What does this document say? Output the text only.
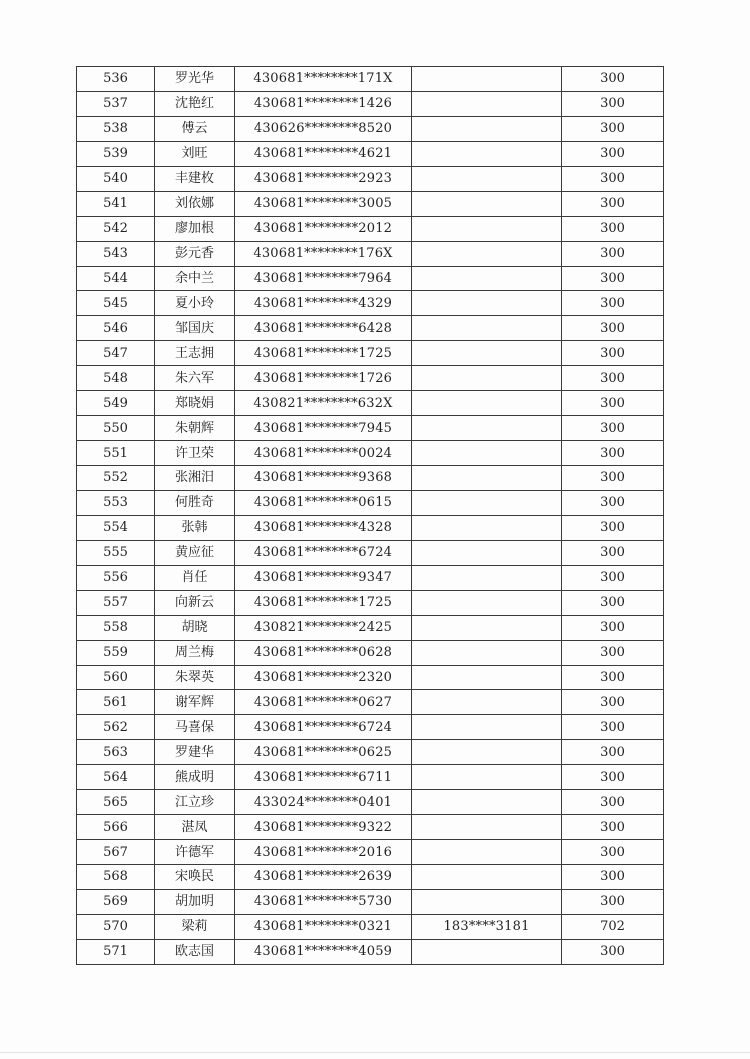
536	罗光华	430681********171X		300
537	沈艳红	430681********1426		300
538	傅云	430626********8520		300
539	刘旺	430681********4621		300
540	丰建枚	430681********2923		300
541	刘依娜	430681********3005		300
542	廖加根	430681********2012		300
543	彭元香	430681********176X		300
544	余中兰	430681********7964		300
545	夏小玲	430681********4329		300
546	邹国庆	430681********6428		300
547	王志拥	430681********1725		300
548	朱六军	430681********1726		300
549	郑晓娟	430821********632X		300
550	朱朝辉	430681********7945		300
551	许卫荣	430681********0024		300
552	张湘汨	430681********9368		300
553	何胜奇	430681********0615		300
554	张韩	430681********4328		300
555	黄应征	430681********6724		300
556	肖任	430681********9347		300
557	向新云	430681********1725		300
558	胡晓	430821********2425		300
559	周兰梅	430681********0628		300
560	朱翠英	430681********2320		300
561	谢军辉	430681********0627		300
562	马喜保	430681********6724		300
563	罗建华	430681********0625		300
564	熊成明	430681********6711		300
565	江立珍	433024********0401		300
566	湛凤	430681********9322		300
567	许德军	430681********2016		300
568	宋唤民	430681********2639		300
569	胡加明	430681********5730		300
570	梁莉	430681********0321	183****3181	702
571	欧志国	430681********4059		300
